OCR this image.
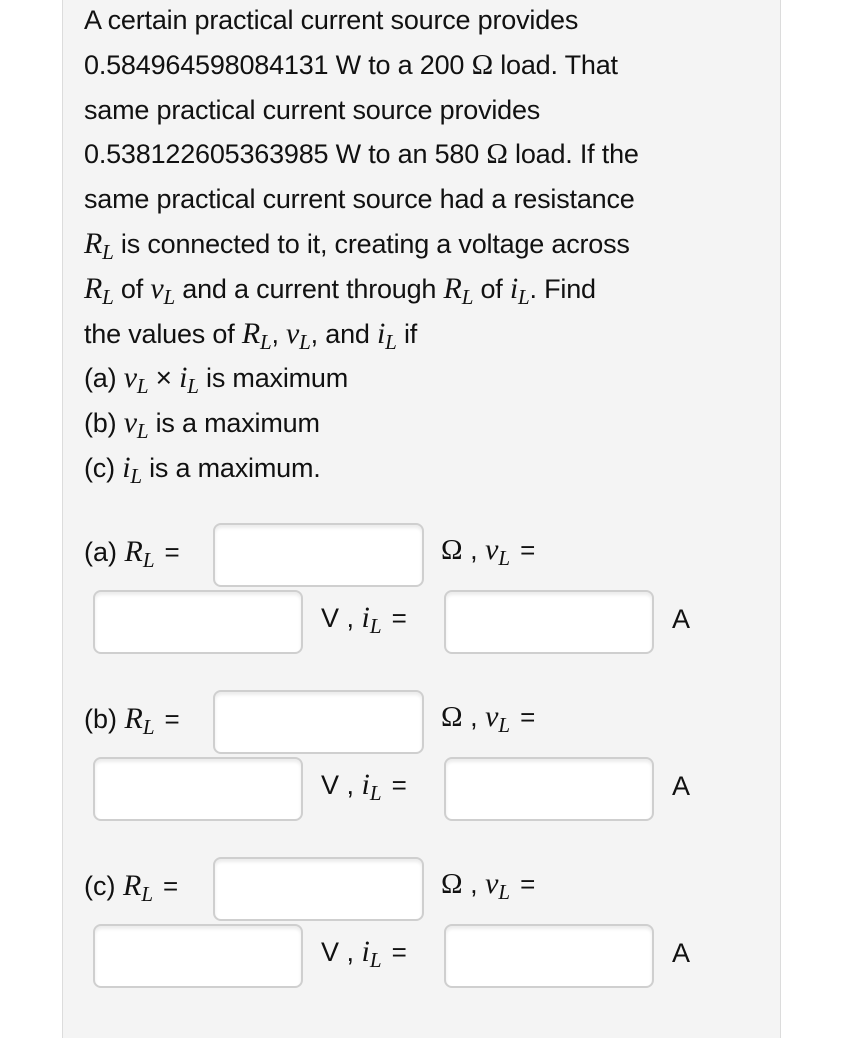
A certain practical current source provides

0.584964598084131 W to a 200 Ω load. That

same practical current source provides

0.538122605363985 W to an 580 Ω load. If the

same practical current source had a resistance

$R_L$ is connected to it, creating a voltage across

$R_L$ of $v_L$ and a current through $R_L$ of $i_L$. Find

the values of $R_L$, $v_L$, and $i_L$ if

(a) $v_L \times i_L$ is maximum

(b) $v_L$ is a maximum

(c) $i_L$ is a maximum.

(a) $R_L$ =	Ω , $v_L$ =
V , $i_L$ =	A
(b) $R_L$ =	Ω , $v_L$ =
V , $i_L$ =	A
(c) $R_L$ =	Ω , $v_L$ =
V , $i_L$ =	A
